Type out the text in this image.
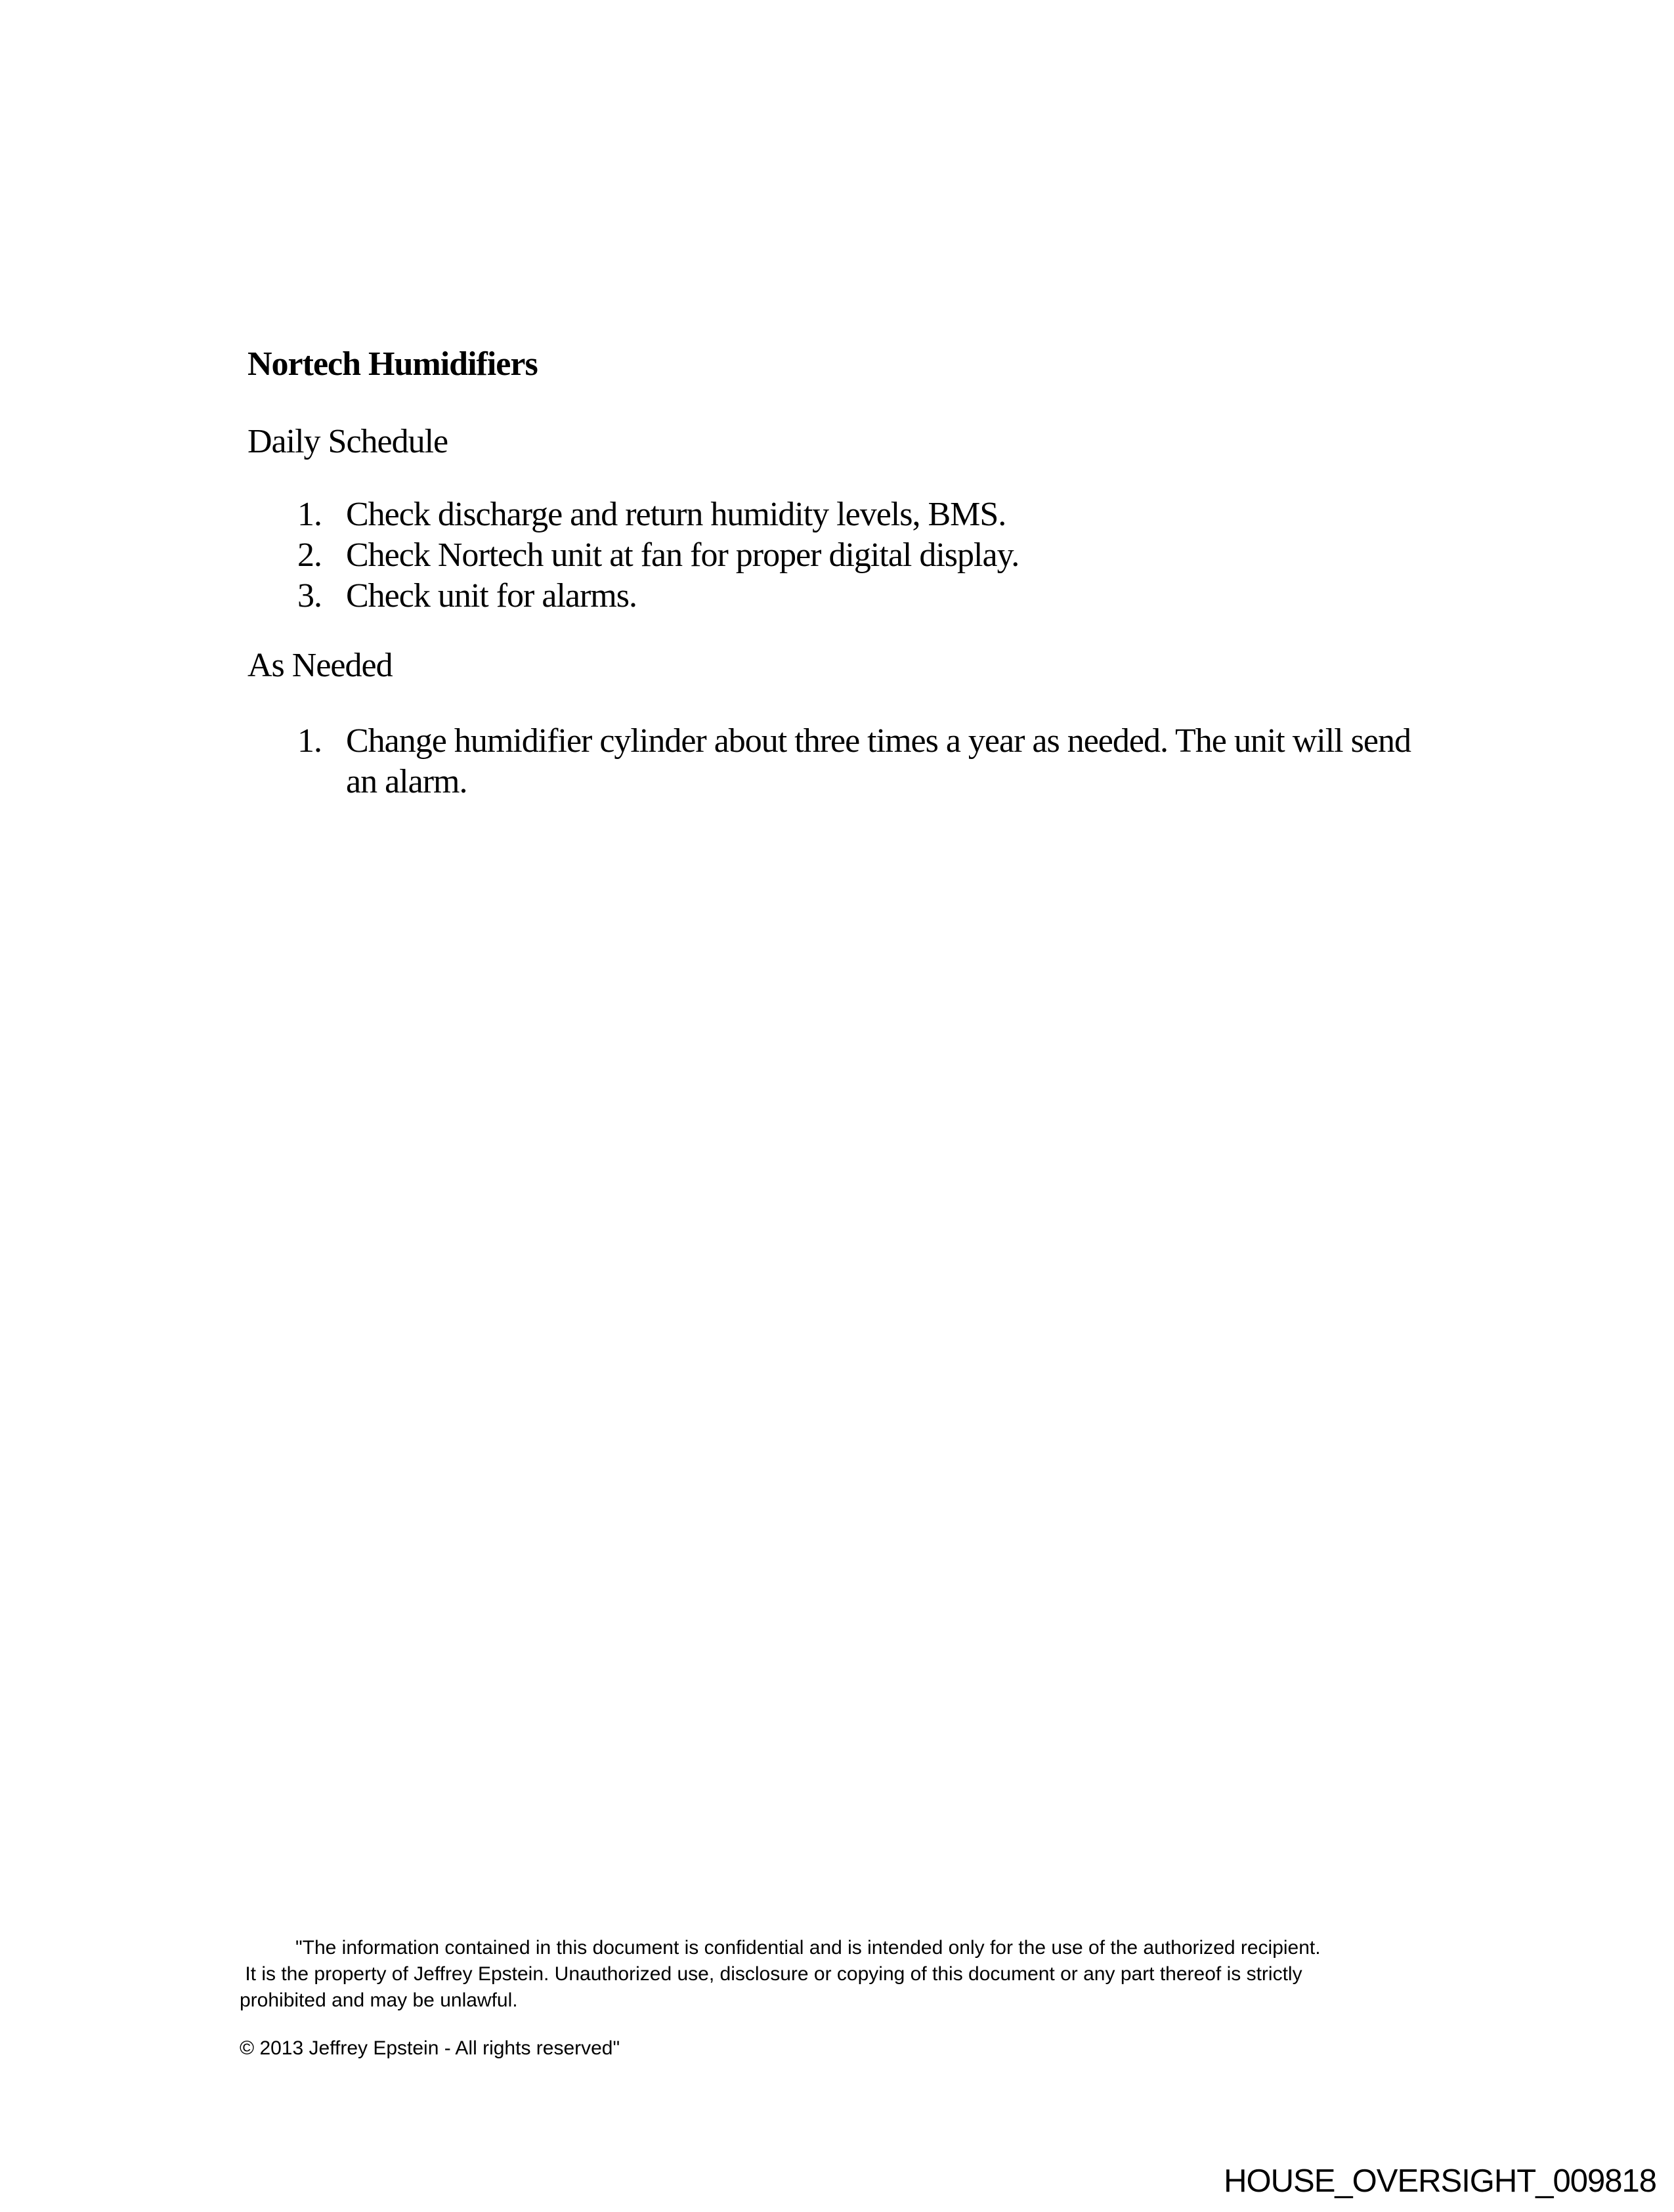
Nortech Humidifiers
Daily Schedule
1. Check discharge and return humidity levels, BMS.
2. Check Nortech unit at fan for proper digital display.
3. Check unit for alarms.
As Needed
1. Change humidifier cylinder about three times a year as needed. The unit will send an alarm.
"The information contained in this document is confidential and is intended only for the use of the authorized recipient.
It is the property of Jeffrey Epstein. Unauthorized use, disclosure or copying of this document or any part thereof is strictly
prohibited and may be unlawful.
© 2013 Jeffrey Epstein - All rights reserved"
HOUSE_OVERSIGHT_009818
